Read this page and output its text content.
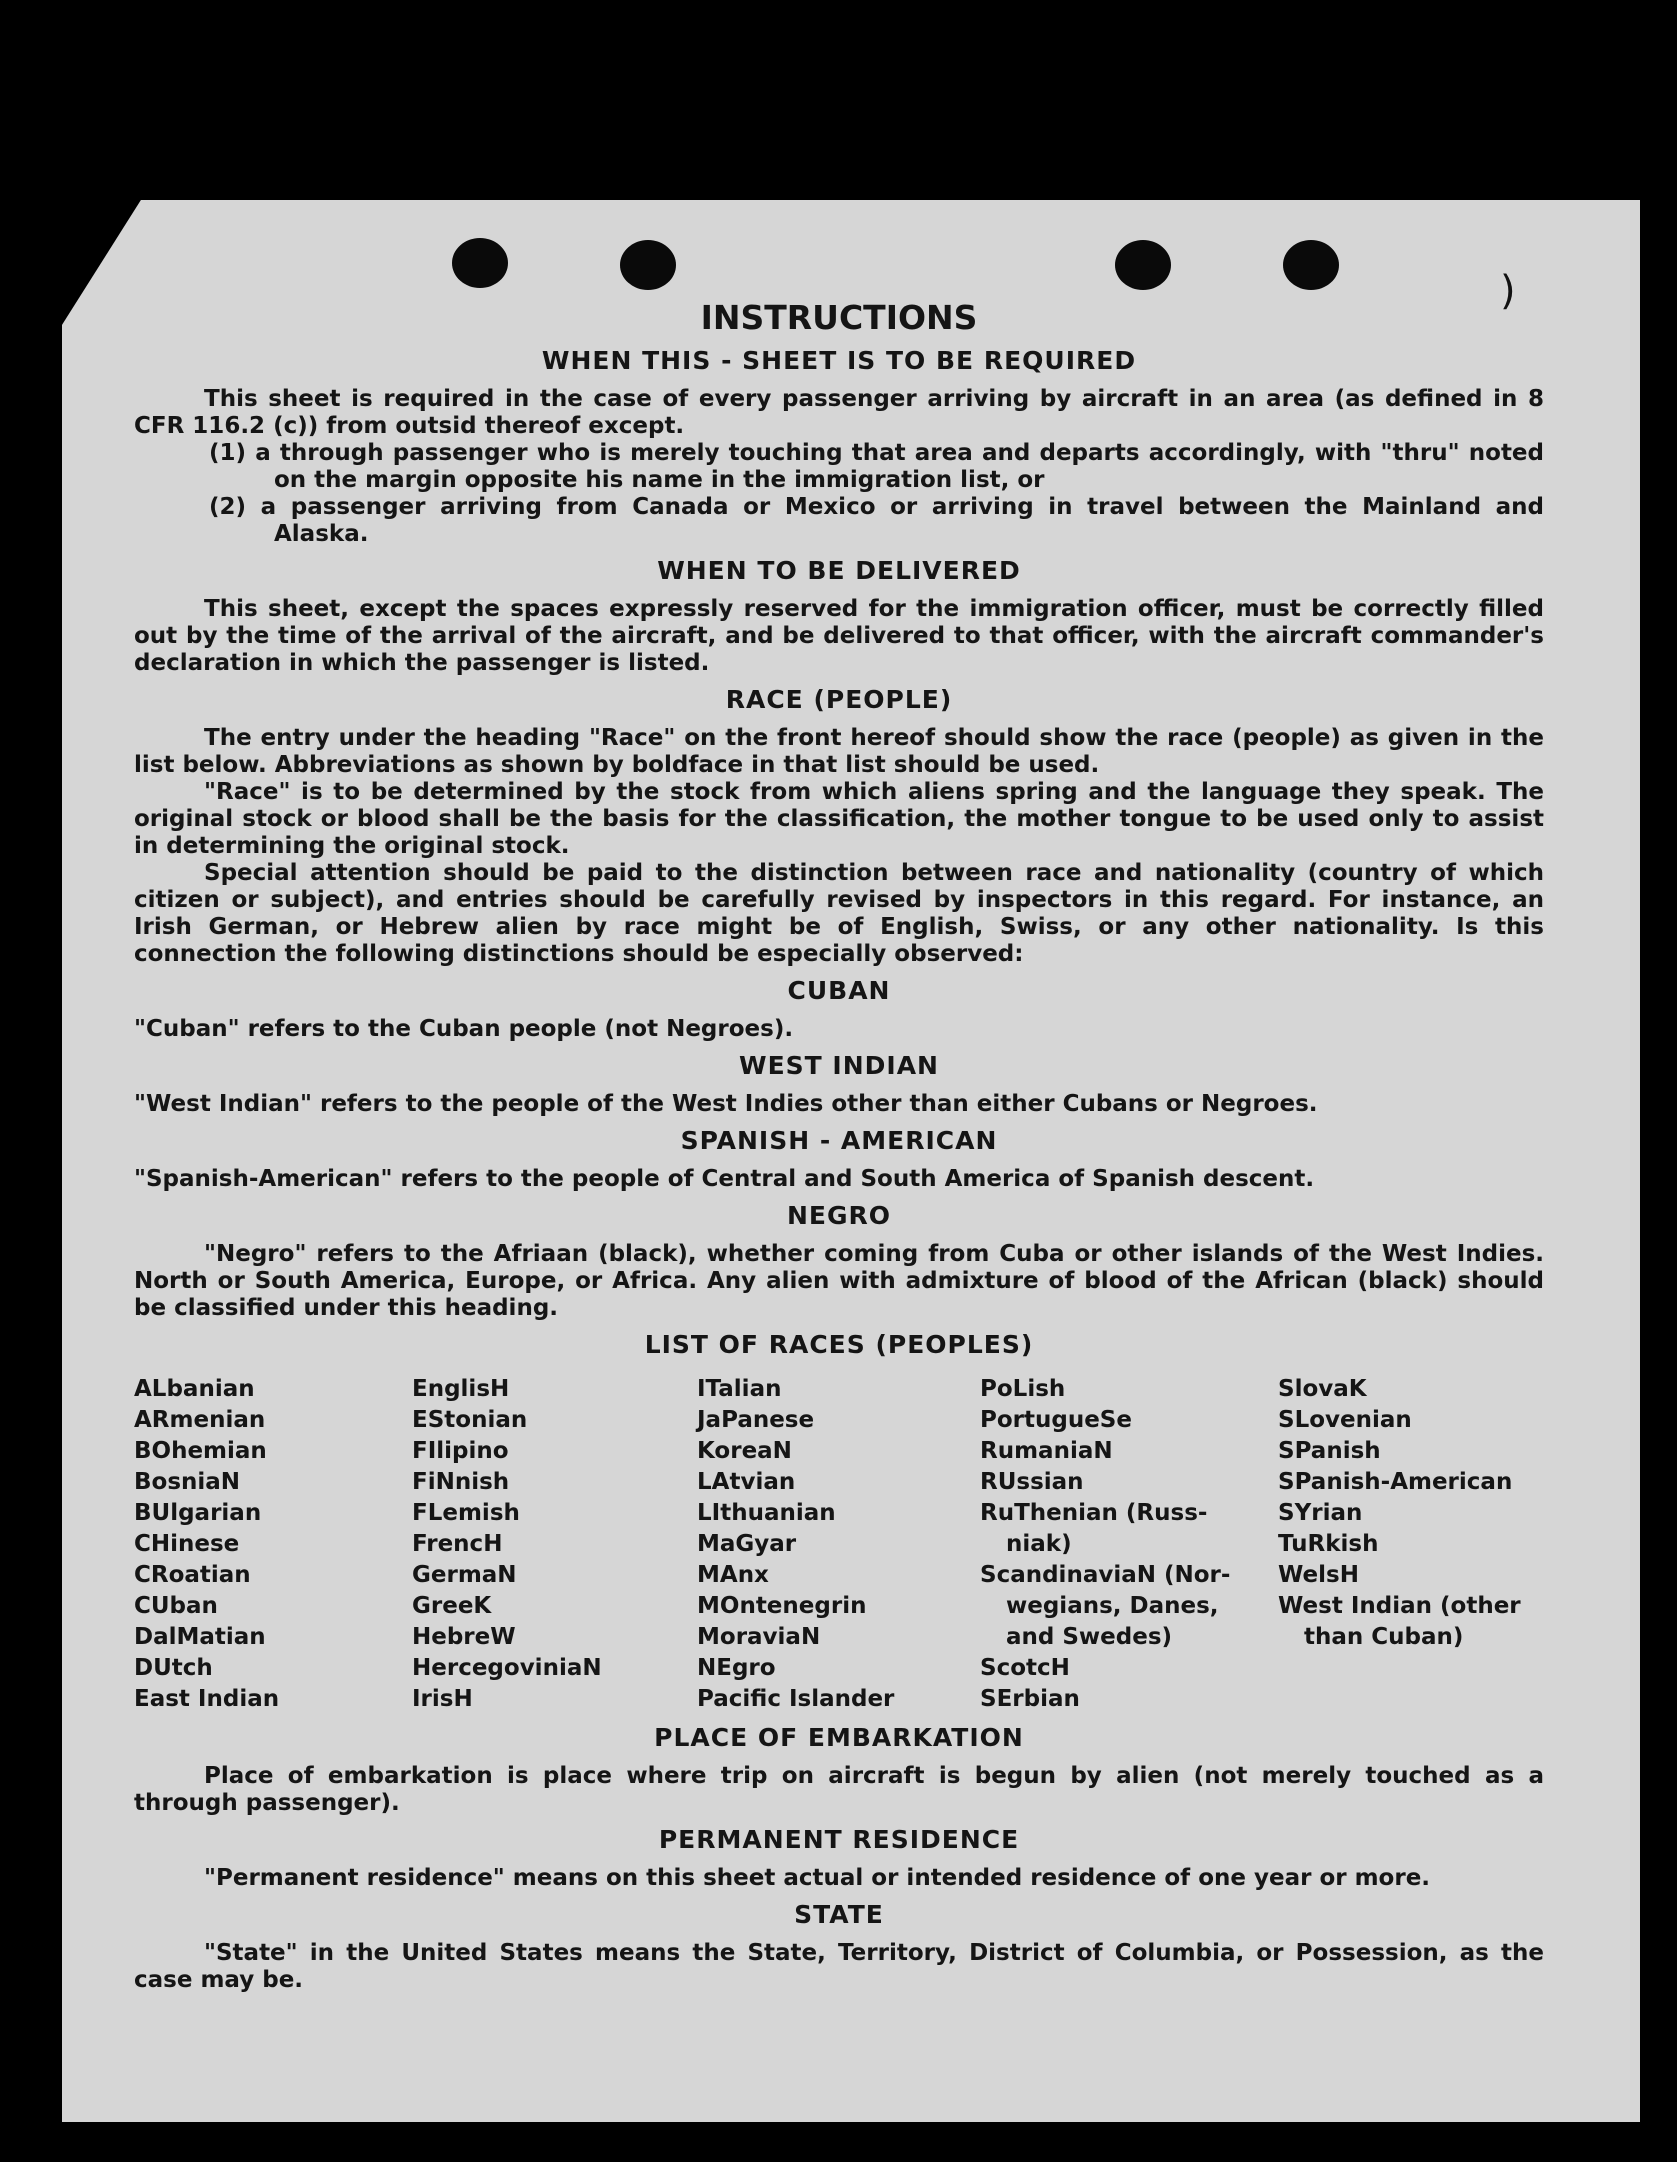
)
INSTRUCTIONS
WHEN THIS - SHEET IS TO BE REQUIRED

This sheet is required in the case of every passenger arriving by aircraft in an area (as defined in 8 CFR 116.2 (c)) from outsid thereof except.

(1) a through passenger who is merely touching that area and departs accordingly, with "thru" noted on the margin opposite his name in the immigration list, or

(2) a passenger arriving from Canada or Mexico or arriving in travel between the Mainland and Alaska.

WHEN TO BE DELIVERED

This sheet, except the spaces expressly reserved for the immigration officer, must be correctly filled out by the time of the arrival of the aircraft, and be delivered to that officer, with the aircraft commander's declaration in which the passenger is listed.

RACE (PEOPLE)

The entry under the heading "Race" on the front hereof should show the race (people) as given in the list below. Abbreviations as shown by boldface in that list should be used.

"Race" is to be determined by the stock from which aliens spring and the language they speak. The original stock or blood shall be the basis for the classification, the mother tongue to be used only to assist in determining the original stock.

Special attention should be paid to the distinction between race and nationality (country of which citizen or subject), and entries should be carefully revised by inspectors in this regard. For instance, an Irish German, or Hebrew alien by race might be of English, Swiss, or any other nationality. Is this connection the following distinctions should be especially observed:

CUBAN

"Cuban" refers to the Cuban people (not Negroes).

WEST INDIAN

"West Indian" refers to the people of the West Indies other than either Cubans or Negroes.

SPANISH - AMERICAN

"Spanish-American" refers to the people of Central and South America of Spanish descent.

NEGRO

"Negro" refers to the Afriaan (black), whether coming from Cuba or other islands of the West Indies. North or South America, Europe, or Africa. Any alien with admixture of blood of the African (black) should be classified under this heading.

LIST OF RACES (PEOPLES)
ALbanian
ARmenian
BOhemian
BosniaN
BUlgarian
CHinese
CRoatian
CUban
DalMatian
DUtch
East Indian
EnglisH
EStonian
FIlipino
FiNnish
FLemish
FrencH
GermaN
GreeK
HebreW
HercegoviniaN
IrisH
ITalian
JaPanese
KoreaN
LAtvian
LIthuanian
MaGyar
MAnx
MOntenegrin
MoraviaN
NEgro
Pacific Islander
PoLish
PortugueSe
RumaniaN
RUssian
RuThenian (Russ-
niak)
ScandinaviaN (Nor-
wegians, Danes,
and Swedes)
ScotcH
SErbian
SlovaK
SLovenian
SPanish
SPanish-American
SYrian
TuRkish
WelsH
West Indian (other
than Cuban)
PLACE OF EMBARKATION

Place of embarkation is place where trip on aircraft is begun by alien (not merely touched as a through passenger).

PERMANENT RESIDENCE

"Permanent residence" means on this sheet actual or intended residence of one year or more.

STATE

"State" in the United States means the State, Territory, District of Columbia, or Possession, as the case may be.
